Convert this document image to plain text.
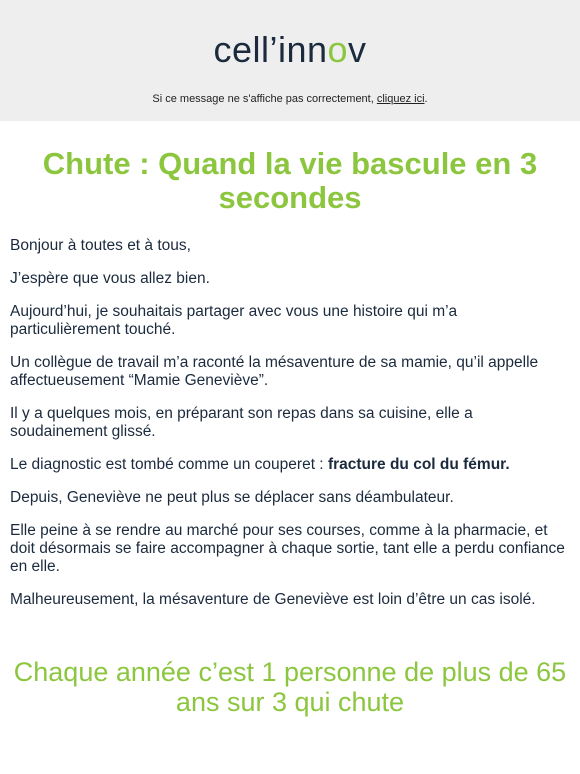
cell’innov
Si ce message ne s'affiche pas correctement, cliquez ici.
Chute : Quand la vie bascule en 3 secondes

Bonjour à toutes et à tous,

J’espère que vous allez bien.

Aujourd’hui, je souhaitais partager avec vous une histoire qui m’a particulièrement touché.

Un collègue de travail m’a raconté la mésaventure de sa mamie, qu’il appelle affectueusement “Mamie Geneviève”.

Il y a quelques mois, en préparant son repas dans sa cuisine, elle a soudainement glissé.

Le diagnostic est tombé comme un couperet : fracture du col du fémur.

Depuis, Geneviève ne peut plus se déplacer sans déambulateur.

Elle peine à se rendre au marché pour ses courses, comme à la pharmacie, et doit désormais se faire accompagner à chaque sortie, tant elle a perdu confiance en elle.

Malheureusement, la mésaventure de Geneviève est loin d’être un cas isolé.

Chaque année c’est 1 personne de plus de 65 ans sur 3 qui chute
